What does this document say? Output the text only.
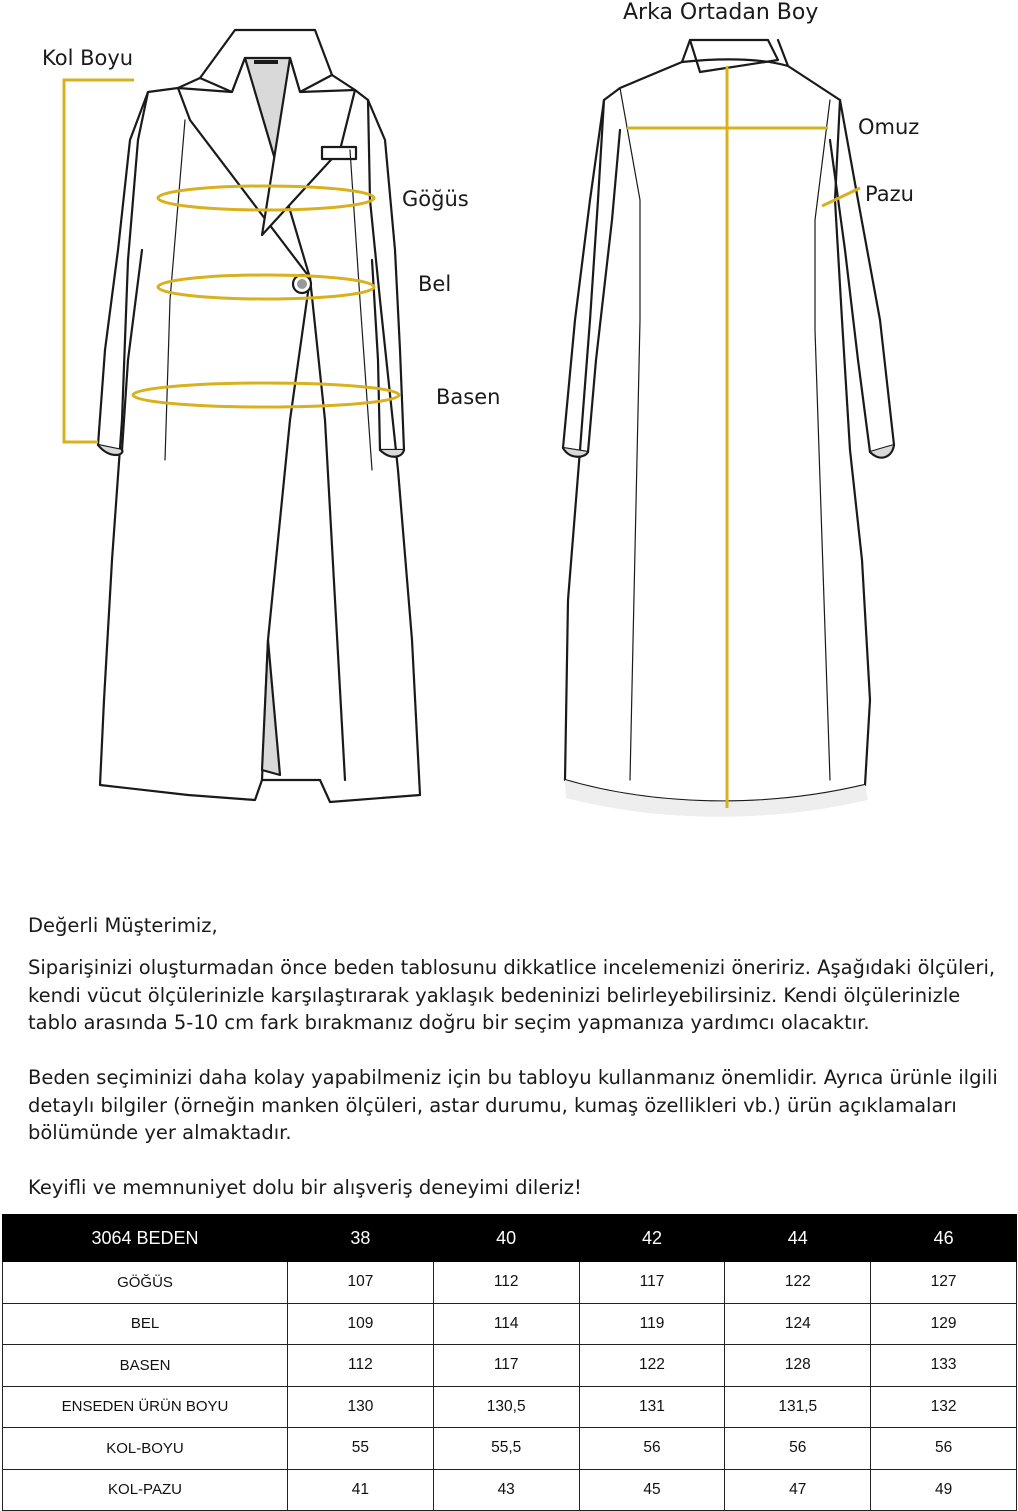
Kol Boyu
Göğüs
Bel
Basen
Arka Ortadan Boy
Omuz
Pazu
Değerli Müşterimiz,
Siparişinizi oluşturmadan önce beden tablosunu dikkatlice incelemenizi öneririz. Aşağıdaki ölçüleri, kendi vücut ölçülerinizle karşılaştırarak yaklaşık bedeninizi belirleyebilirsiniz. Kendi ölçülerinizle tablo arasında 5-10 cm fark bırakmanız doğru bir seçim yapmanıza yardımcı olacaktır.
Beden seçiminizi daha kolay yapabilmeniz için bu tabloyu kullanmanız önemlidir. Ayrıca ürünle ilgili detaylı bilgiler (örneğin manken ölçüleri, astar durumu, kumaş özellikleri vb.) ürün açıklamaları bölümünde yer almaktadır.
Keyifli ve memnuniyet dolu bir alışveriş deneyimi dileriz!
3064 BEDEN	38	40	42	44	46
GÖĞÜS	107	112	117	122	127
BEL	109	114	119	124	129
BASEN	112	117	122	128	133
ENSEDEN ÜRÜN BOYU	130	130,5	131	131,5	132
KOL-BOYU	55	55,5	56	56	56
KOL-PAZU	41	43	45	47	49
